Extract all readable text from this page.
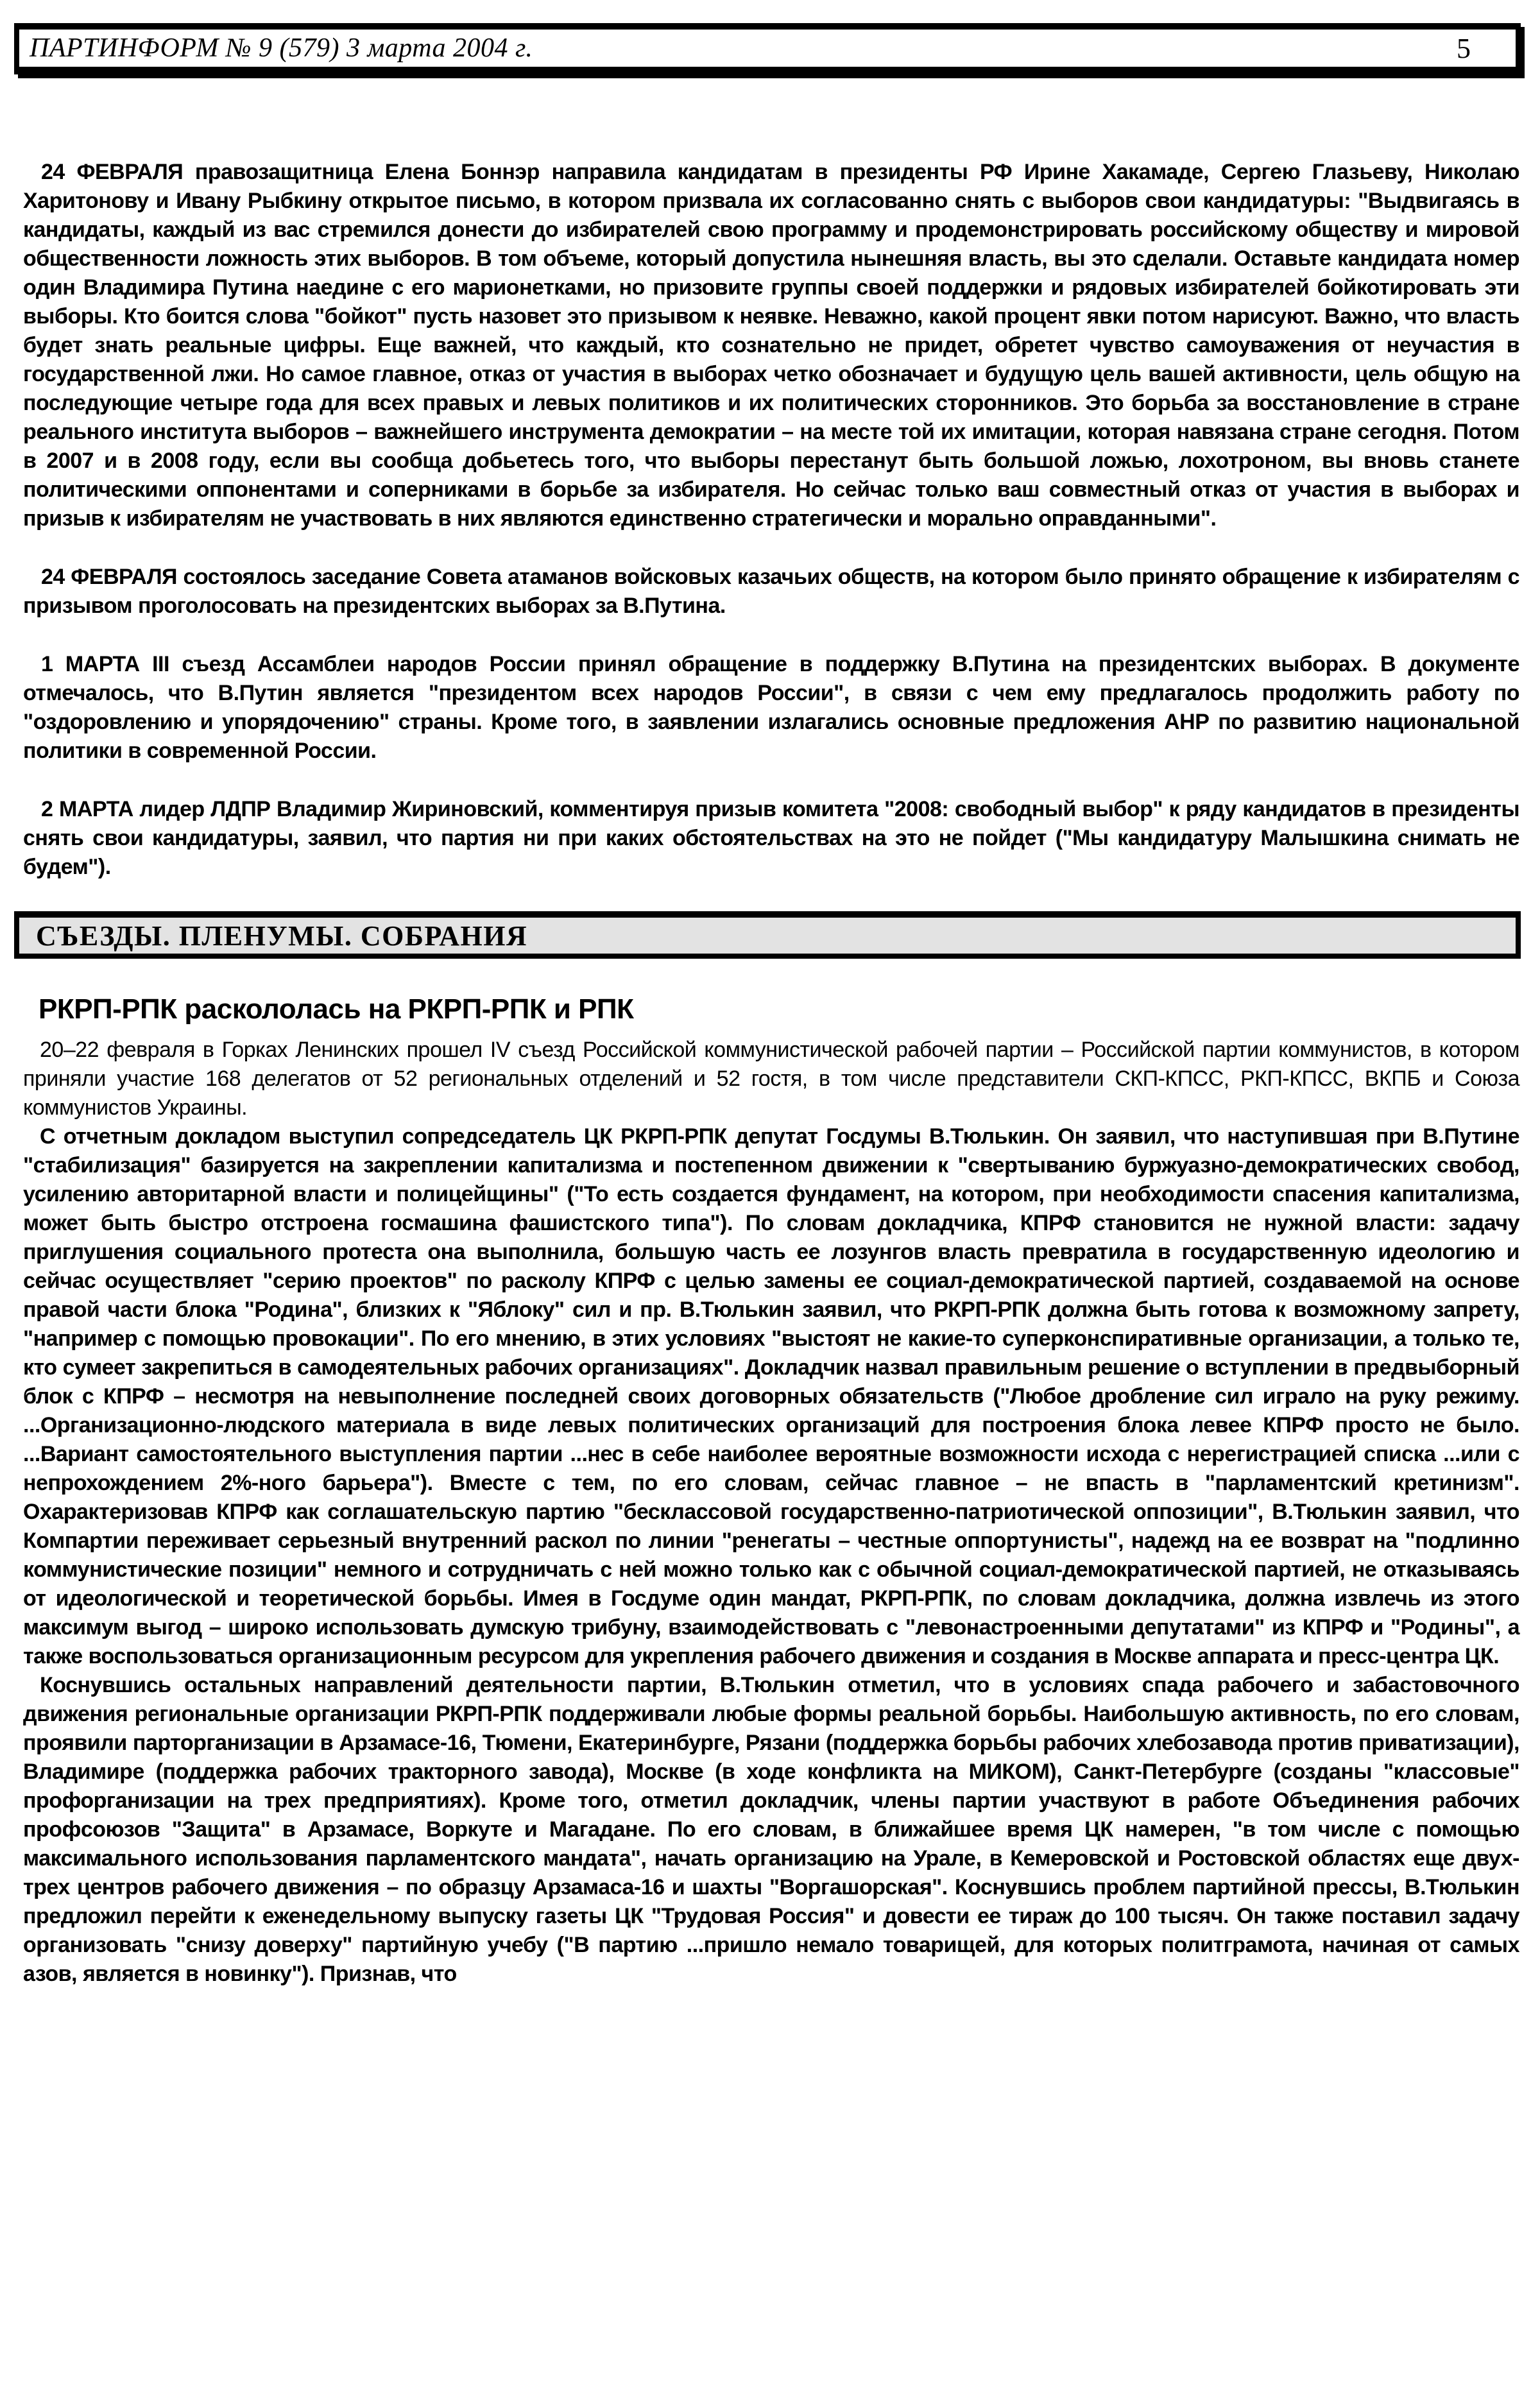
ПАРТИНФОРМ № 9 (579) 3 марта 2004 г.	5

24 ФЕВРАЛЯ правозащитница Елена Боннэр направила кандидатам в президенты РФ Ирине Хакамаде, Сергею Глазьеву, Николаю Харитонову и Ивану Рыбкину открытое письмо, в котором призвала их согласованно снять с выборов свои кандидатуры: "Выдвигаясь в кандидаты, каждый из вас стремился донести до избирателей свою программу и продемонстрировать российскому обществу и мировой общественности ложность этих выборов. В том объеме, который допустила нынешняя власть, вы это сделали. Оставьте кандидата номер один Владимира Путина наедине с его марионетками, но призовите группы своей поддержки и рядовых избирателей бойкотировать эти выборы. Кто боится слова "бойкот" пусть назовет это призывом к неявке. Неважно, какой процент явки потом нарисуют. Важно, что власть будет знать реальные цифры. Еще важней, что каждый, кто сознательно не придет, обретет чувство самоуважения от неучастия в государственной лжи. Но самое главное, отказ от участия в выборах четко обозначает и будущую цель вашей активности, цель общую на последующие четыре года для всех правых и левых политиков и их политических сторонников. Это борьба за восстановление в стране реального института выборов – важнейшего инструмента демократии – на месте той их имитации, которая навязана стране сегодня. Потом в 2007 и в 2008 году, если вы сообща добьетесь того, что выборы перестанут быть большой ложью, лохотроном, вы вновь станете политическими оппонентами и соперниками в борьбе за избирателя. Но сейчас только ваш совместный отказ от участия в выборах и призыв к избирателям не участвовать в них являются единственно стратегически и морально оправданными".

24 ФЕВРАЛЯ состоялось заседание Совета атаманов войсковых казачьих обществ, на котором было принято обращение к избирателям с призывом проголосовать на президентских выборах за В.Путина.

1 МАРТА III съезд Ассамблеи народов России принял обращение в поддержку В.Путина на президентских выборах. В документе отмечалось, что В.Путин является "президентом всех народов России", в связи с чем ему предлагалось продолжить работу по "оздоровлению и упорядочению" страны. Кроме того, в заявлении излагались основные предложения АНР по развитию национальной политики в современной России.

2 МАРТА лидер ЛДПР Владимир Жириновский, комментируя призыв комитета "2008: свободный выбор" к ряду кандидатов в президенты снять свои кандидатуры, заявил, что партия ни при каких обстоятельствах на это не пойдет ("Мы кандидатуру Малышкина снимать не будем").

СЪЕЗДЫ. ПЛЕНУМЫ. СОБРАНИЯ
РКРП-РПК раскололась на РКРП-РПК и РПК

20–22 февраля в Горках Ленинских прошел IV съезд Российской коммунистической рабочей партии – Российской партии коммунистов, в котором приняли участие 168 делегатов от 52 региональных отделений и 52 гостя, в том числе представители СКП-КПСС, РКП-КПСС, ВКПБ и Союза коммунистов Украины.

С отчетным докладом выступил сопредседатель ЦК РКРП-РПК депутат Госдумы В.Тюлькин. Он заявил, что наступившая при В.Путине "стабилизация" базируется на закреплении капитализма и постепенном движении к "свертыванию буржуазно-демократических свобод, усилению авторитарной власти и полицейщины" ("То есть создается фундамент, на котором, при необходимости спасения капитализма, может быть быстро отстроена госмашина фашистского типа"). По словам докладчика, КПРФ становится не нужной власти: задачу приглушения социального протеста она выполнила, большую часть ее лозунгов власть превратила в государственную идеологию и сейчас осуществляет "серию проектов" по расколу КПРФ с целью замены ее социал-демократической партией, создаваемой на основе правой части блока "Родина", близких к "Яблоку" сил и пр. В.Тюлькин заявил, что РКРП-РПК должна быть готова к возможному запрету, "например с помощью провокации". По его мнению, в этих условиях "выстоят не какие-то суперконспиративные организации, а только те, кто сумеет закрепиться в самодеятельных рабочих организациях". Докладчик назвал правильным решение о вступлении в предвыборный блок с КПРФ – несмотря на невыполнение последней своих договорных обязательств ("Любое дробление сил играло на руку режиму. ...Организационно-людского материала в виде левых политических организаций для построения блока левее КПРФ просто не было. ...Вариант самостоятельного выступления партии ...нес в себе наиболее вероятные возможности исхода с нерегистрацией списка ...или с непрохождением 2%-ного барьера"). Вместе с тем, по его словам, сейчас главное – не впасть в "парламентский кретинизм". Охарактеризовав КПРФ как соглашательскую партию "бесклассовой государственно-патриотической оппозиции", В.Тюлькин заявил, что Компартии переживает серьезный внутренний раскол по линии "ренегаты – честные оппортунисты", надежд на ее возврат на "подлинно коммунистические позиции" немного и сотрудничать с ней можно только как с обычной социал-демократической партией, не отказываясь от идеологической и теоретической борьбы. Имея в Госдуме один мандат, РКРП-РПК, по словам докладчика, должна извлечь из этого максимум выгод – широко использовать думскую трибуну, взаимодействовать с "левонастроенными депутатами" из КПРФ и "Родины", а также воспользоваться организационным ресурсом для укрепления рабочего движения и создания в Москве аппарата и пресс-центра ЦК.

Коснувшись остальных направлений деятельности партии, В.Тюлькин отметил, что в условиях спада рабочего и забастовочного движения региональные организации РКРП-РПК поддерживали любые формы реальной борьбы. Наибольшую активность, по его словам, проявили парторганизации в Арзамасе-16, Тюмени, Екатеринбурге, Рязани (поддержка борьбы рабочих хлебозавода против приватизации), Владимире (поддержка рабочих тракторного завода), Москве (в ходе конфликта на МИКОМ), Санкт-Петербурге (созданы "классовые" профорганизации на трех предприятиях). Кроме того, отметил докладчик, члены партии участвуют в работе Объединения рабочих профсоюзов "Защита" в Арзамасе, Воркуте и Магадане. По его словам, в ближайшее время ЦК намерен, "в том числе с помощью максимального использования парламентского мандата", начать организацию на Урале, в Кемеровской и Ростовской областях еще двух-трех центров рабочего движения – по образцу Арзамаса-16 и шахты "Воргашорская". Коснувшись проблем партийной прессы, В.Тюлькин предложил перейти к еженедельному выпуску газеты ЦК "Трудовая Россия" и довести ее тираж до 100 тысяч. Он также поставил задачу организовать "снизу доверху" партийную учебу ("В партию ...пришло немало товарищей, для которых политграмота, начиная от самых азов, является в новинку"). Признав, что
